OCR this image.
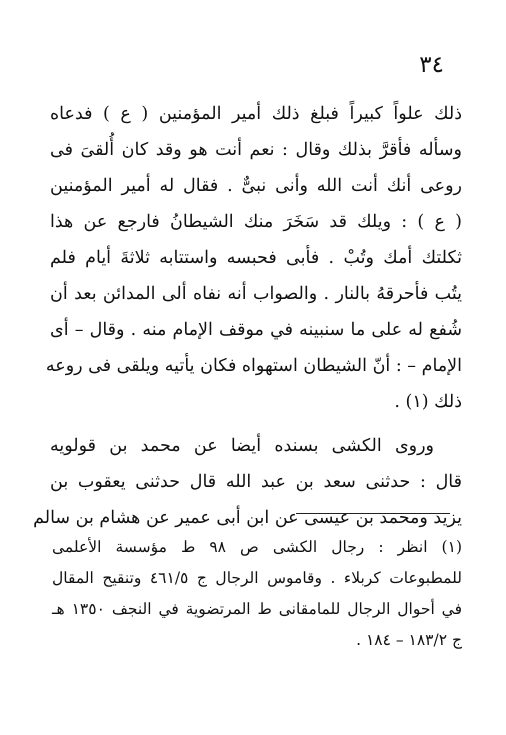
٣٤
ذلك علواً كبيراً فبلغ ذلك أمير المؤمنين ( ع ) فدعاه
وسأله فأقرَّ بذلك وقال : نعم أنت هو وقد كان أُلقىَ فى
روعى أنك أنت الله وأنى نبىٌّ . فقال له أمير المؤمنين
( ع ) : ويلك قد سَخَرَ منك الشيطانُ فارجع عن هذا
ثكلتك أمك وتُبْ . فأبى فحبسه واستتابه ثلاثةَ أيام فلم
يتُب فأحرقهُ بالنار . والصواب أنه نفاه ألى المدائن بعد أن
شُفع له على ما سنبينه في موقف الإمام منه . وقال – أى
الإمام – : أنّ الشيطان استهواه فكان يأتيه ويلقى فى روعه
ذلك (١) .
وروى الكشى بسنده أيضا عن محمد بن قولويه
قال : حدثنى سعد بن عبد الله قال حدثنى يعقوب بن
يزيد ومحمد بن عيسى عن ابن أبى عمير عن هشام بن سالم
(١) انظر : رجال الكشى ص ٩٨ ط مؤسسة الأعلمى
للمطبوعات كربلاء . وقاموس الرجال ج ٤٦١/٥ وتنقيح المقال
في أحوال الرجال للمامقانى ط المرتضوية في النجف ١٣٥٠ هـ
ج ١٨٣/٢ – ١٨٤ .
